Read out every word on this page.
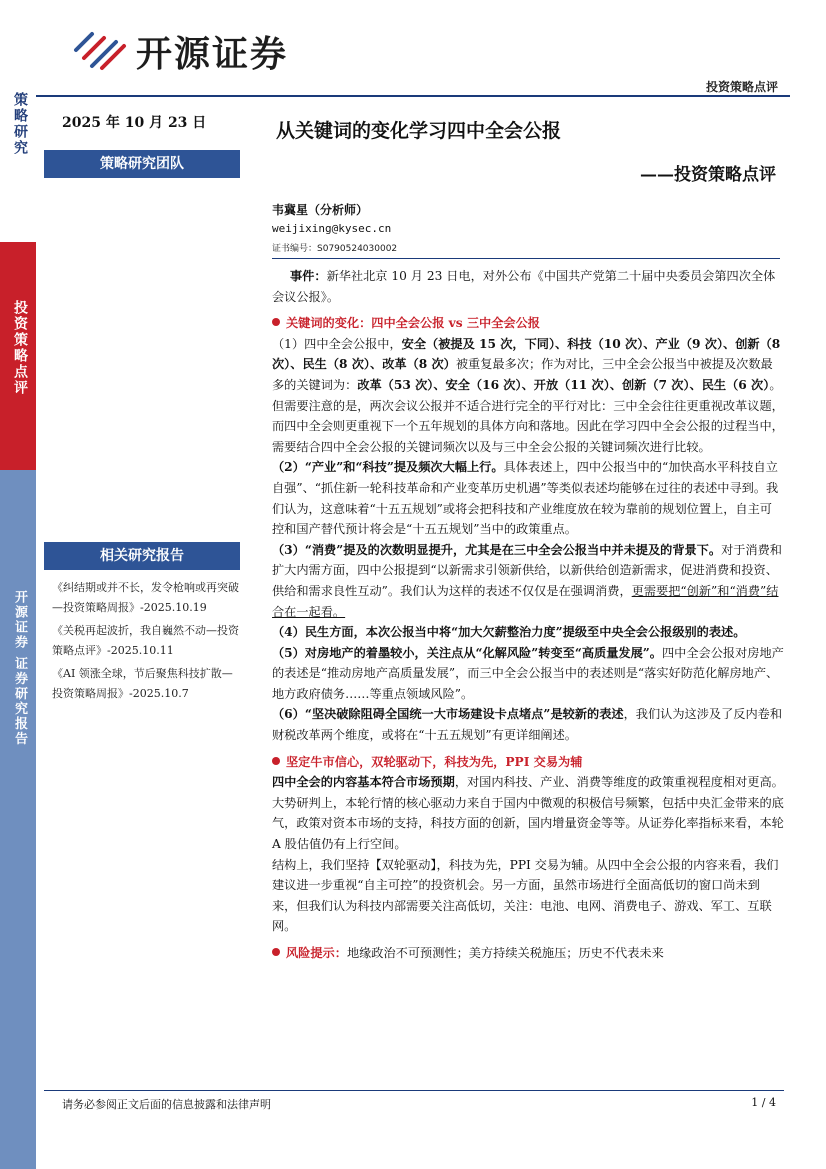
开源证券
投资策略点评
策略研究
投资策略点评
开源证券 证券研究报告
2025 年 10 月 23 日	从关键词的变化学习四中全会公报
——投资策略点评
策略研究团队
韦冀星（分析师）
weijixing@kysec.cn
证书编号：S0790524030002
相关研究报告
《纠结期或并不长，发令枪响或再突破—投资策略周报》-2025.10.19
《关税再起波折，我自巍然不动—投资策略点评》-2025.10.11
《AI 领涨全球，节后聚焦科技扩散—投资策略周报》-2025.10.7

事件：新华社北京 10 月 23 日电，对外公布《中国共产党第二十届中央委员会第四次全体会议公报》。

关键词的变化：四中全会公报 vs 三中全会公报

（1）四中全会公报中，安全（被提及 15 次，下同）、科技（10 次）、产业（9 次）、创新（8 次）、民生（8 次）、改革（8 次）被重复最多次；作为对比，三中全会公报当中被提及次数最多的关键词为：改革（53 次）、安全（16 次）、开放（11 次）、创新（7 次）、民生（6 次）。但需要注意的是，两次会议公报并不适合进行完全的平行对比：三中全会往往更重视改革议题，而四中全会则更重视下一个五年规划的具体方向和落地。因此在学习四中全会公报的过程当中，需要结合四中全会公报的关键词频次以及与三中全会公报的关键词频次进行比较。

（2）“产业”和“科技”提及频次大幅上行。具体表述上，四中公报当中的“加快高水平科技自立自强”、“抓住新一轮科技革命和产业变革历史机遇”等类似表述均能够在过往的表述中寻到。我们认为，这意味着“十五五规划”或将会把科技和产业维度放在较为靠前的规划位置上，自主可控和国产替代预计将会是“十五五规划”当中的政策重点。

（3）“消费”提及的次数明显提升，尤其是在三中全会公报当中并未提及的背景下。对于消费和扩大内需方面，四中公报提到“以新需求引领新供给，以新供给创造新需求，促进消费和投资、供给和需求良性互动”。我们认为这样的表述不仅仅是在强调消费，更需要把“创新”和“消费”结合在一起看。

（4）民生方面，本次公报当中将“加大欠薪整治力度”提级至中央全会公报级别的表述。

（5）对房地产的着墨较小，关注点从“化解风险”转变至“高质量发展”。四中全会公报对房地产的表述是“推动房地产高质量发展”，而三中全会公报当中的表述则是“落实好防范化解房地产、地方政府债务……等重点领域风险”。

（6）“坚决破除阻碍全国统一大市场建设卡点堵点”是较新的表述，我们认为这涉及了反内卷和财税改革两个维度，或将在“十五五规划”有更详细阐述。

坚定牛市信心，双轮驱动下，科技为先，PPI 交易为辅

四中全会的内容基本符合市场预期，对国内科技、产业、消费等维度的政策重视程度相对更高。大势研判上，本轮行情的核心驱动力来自于国内中微观的积极信号频繁，包括中央汇金带来的底气，政策对资本市场的支持，科技方面的创新，国内增量资金等等。从证券化率指标来看，本轮 A 股估值仍有上行空间。

结构上，我们坚持【双轮驱动】，科技为先，PPI 交易为辅。从四中全会公报的内容来看，我们建议进一步重视“自主可控”的投资机会。另一方面，虽然市场进行全面高低切的窗口尚未到来，但我们认为科技内部需要关注高低切，关注：电池、电网、消费电子、游戏、军工、互联网。

风险提示：地缘政治不可预测性；美方持续关税施压；历史不代表未来

请务必参阅正文后面的信息披露和法律声明	1 / 4
